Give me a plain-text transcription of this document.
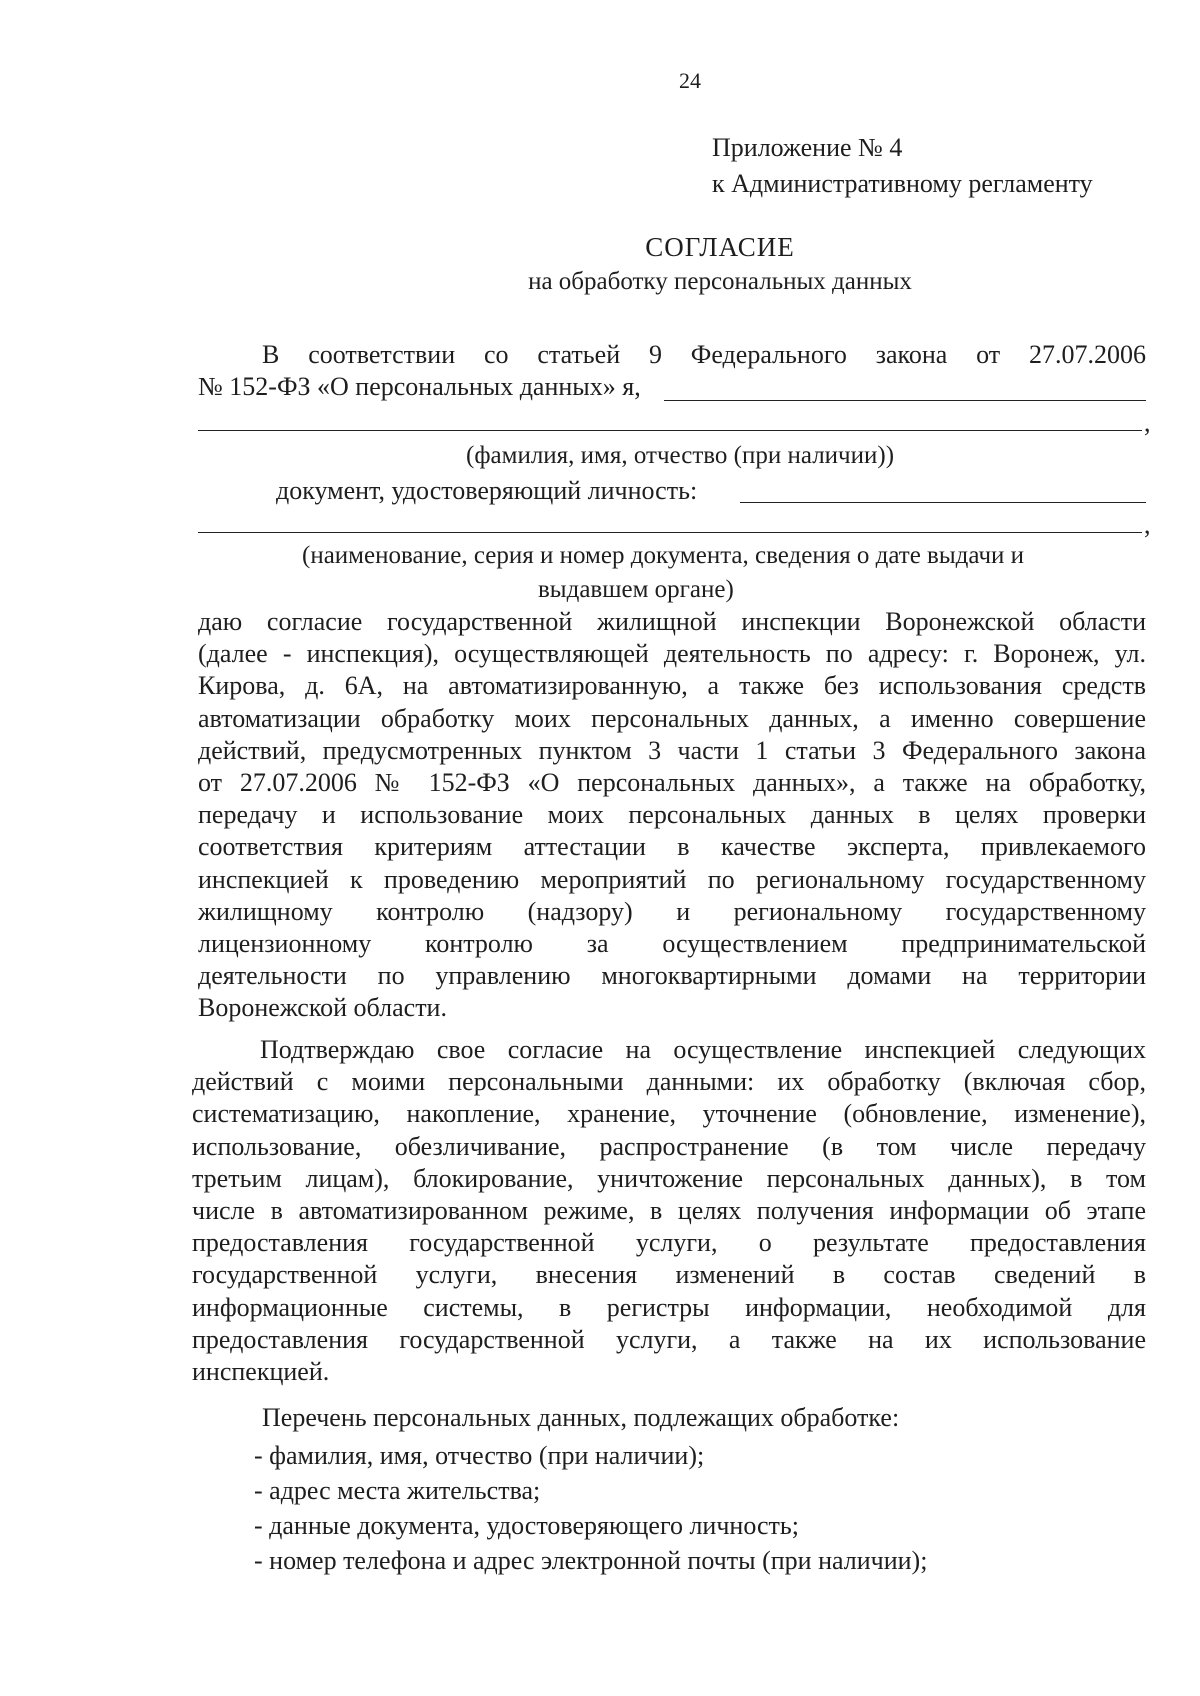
24
Приложение № 4
к Административному регламенту
СОГЛАСИЕ
на обработку персональных данных
В соответствии со статьей 9 Федерального закона от 27.07.2006
№ 152-ФЗ «О персональных данных» я,
,
(фамилия, имя, отчество (при наличии))
документ, удостоверяющий личность:
,
(наименование, серия и номер документа, сведения о дате выдачи и
выдавшем органе)
даю согласие государственной жилищной инспекции Воронежской области
(далее - инспекция), осуществляющей деятельность по адресу: г. Воронеж, ул.
Кирова, д. 6А, на автоматизированную, а также без использования средств
автоматизации обработку моих персональных данных, а именно совершение
действий, предусмотренных пунктом 3 части 1 статьи 3 Федерального закона
от 27.07.2006 № 152-ФЗ «О персональных данных», а также на обработку,
передачу и использование моих персональных данных в целях проверки
соответствия критериям аттестации в качестве эксперта, привлекаемого
инспекцией к проведению мероприятий по региональному государственному
жилищному контролю (надзору) и региональному государственному
лицензионному контролю за осуществлением предпринимательской
деятельности по управлению многоквартирными домами на территории
Воронежской области.
Подтверждаю свое согласие на осуществление инспекцией следующих
действий с моими персональными данными: их обработку (включая сбор,
систематизацию, накопление, хранение, уточнение (обновление, изменение),
использование, обезличивание, распространение (в том числе передачу
третьим лицам), блокирование, уничтожение персональных данных), в том
числе в автоматизированном режиме, в целях получения информации об этапе
предоставления государственной услуги, о результате предоставления
государственной услуги, внесения изменений в состав сведений в
информационные системы, в регистры информации, необходимой для
предоставления государственной услуги, а также на их использование
инспекцией.
Перечень персональных данных, подлежащих обработке:
- фамилия, имя, отчество (при наличии);
- адрес места жительства;
- данные документа, удостоверяющего личность;
- номер телефона и адрес электронной почты (при наличии);
